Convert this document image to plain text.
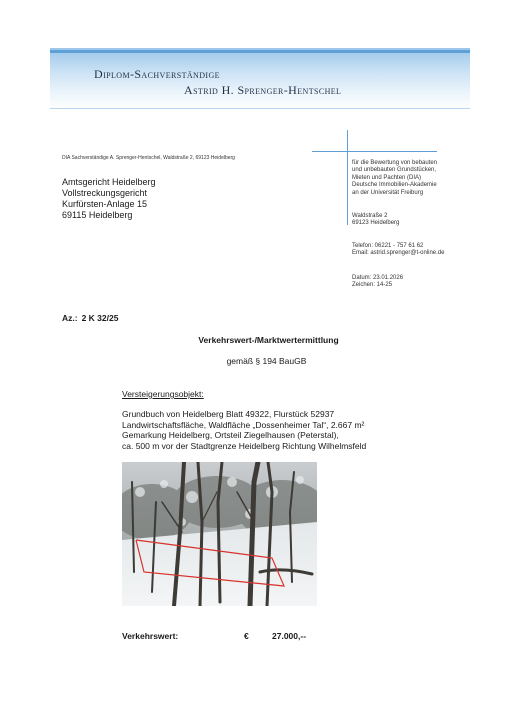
Diplom-Sachverständige
Astrid H. Sprenger-Hentschel
DIA Sachverständige A. Sprenger-Hentschel, Waldstraße 2, 69123 Heidelberg
Amtsgericht Heidelberg
Vollstreckungsgericht
Kurfürsten-Anlage 15
69115 Heidelberg
für die Bewertung von bebauten
und unbebauten Grundstücken,
Mieten und Pachten (DIA)
Deutsche Immobilien-Akademie
an der Universität Freiburg
Waldstraße 2
69123 Heidelberg
Telefon: 06221 - 757 61 62
Email: astrid.sprenger@t-online.de
Datum: 23.01.2026
Zeichen: 14-25
Az.: 2 K 32/25
Verkehrswert-/Marktwertermittlung
gemäß § 194 BauGB
Versteigerungsobjekt:
Grundbuch von Heidelberg Blatt 49322, Flurstück 52937
Landwirtschaftsfläche, Waldfläche „Dossenheimer Tal“, 2.667 m²
Gemarkung Heidelberg, Ortsteil Ziegelhausen (Peterstal),
ca. 500 m vor der Stadtgrenze Heidelberg Richtung Wilhelmsfeld
Verkehrswert:	€	27.000,--
